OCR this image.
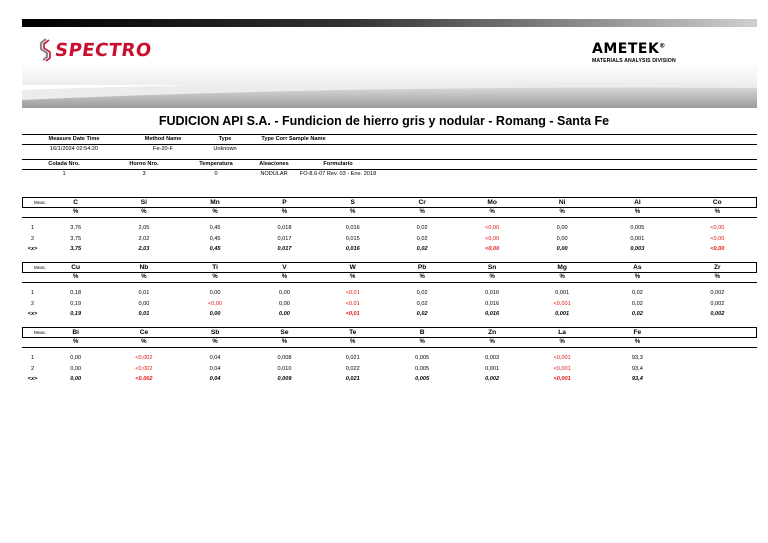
SPECTRO	AMETEK®
MATERIALS ANALYSIS DIVISION
FUDICION API S.A. - Fundicion de hierro gris y nodular - Romang - Santa Fe
Measure Date Time	Method Name	Type	Type Corr Sample Name	
16/1/2024 02:54:20	Fe-20-F	Unknown		
Colada Nro.	Horno Nro.	Temperatura	Aleaciones	Formulario	
1	3	0	NODULAR	FO-8.6-07 Rev. 03 - Ene. 2018	
Meas.	C	Si	Mn	P	S	Cr	Mo	Ni	Al	Co
	%	%	%	%	%	%	%	%	%	%

1	3,76	2,05	0,45	0,018	0,016	0,02	<0,00	0,00	0,005	<0,00
2	3,75	2,02	0,45	0,017	0,015	0,02	<0,00	0,00	0,001	<0,00
<x>	3,75	2,03	0,45	0,017	0,016	0,02	<0,00	0,00	0,003	<0,00
Meas.	Cu	Nb	Ti	V	W	Pb	Sn	Mg	As	Zr
	%	%	%	%	%	%	%	%	%	%

1	0,18	0,01	0,00	0,00	<0,01	0,02	0,016	0,001	0,02	0,002
2	0,19	0,00	<0,00	0,00	<0,01	0,02	0,016	<0,001	0,02	0,002
<x>	0,19	0,01	0,00	0,00	<0,01	0,02	0,016	0,001	0,02	0,002
Meas.	Bi	Ce	Sb	Se	Te	B	Zn	La	Fe	
	%	%	%	%	%	%	%	%	%	

1	0,00	<0,002	0,04	0,008	0,021	0,005	0,003	<0,001	93,3	
2	0,00	<0,002	0,04	0,010	0,022	0,005	0,001	<0,001	93,4	
<x>	0,00	<0,002	0,04	0,009	0,021	0,005	0,002	<0,001	93,4	
